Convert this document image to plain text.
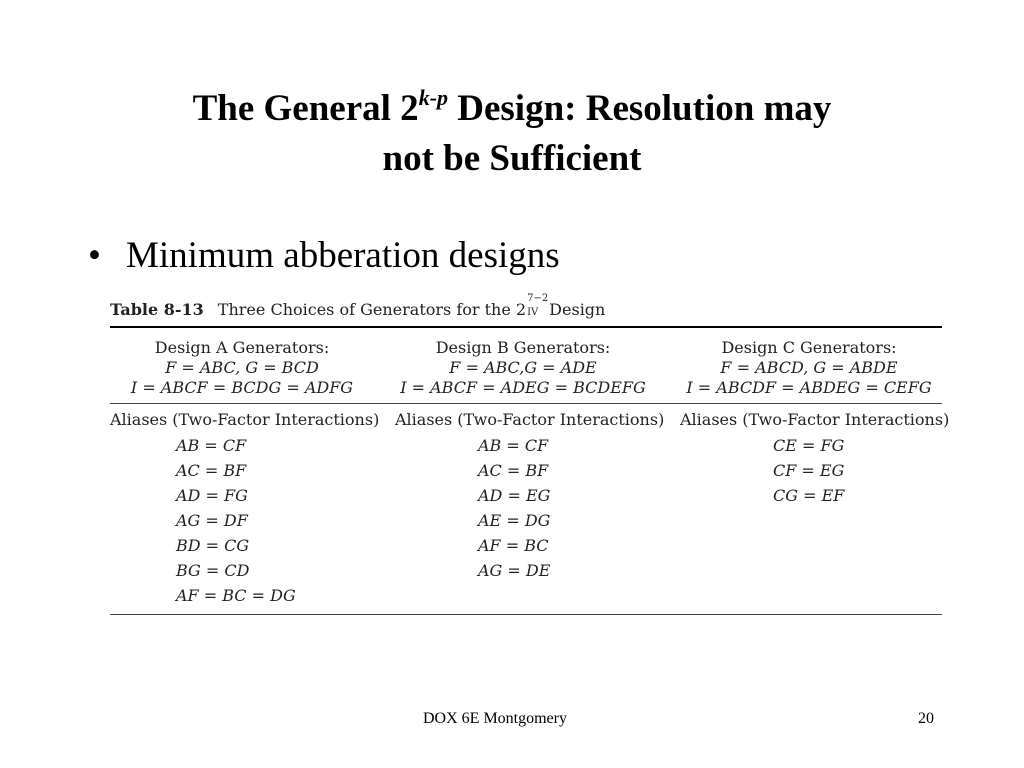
The General 2$^{k-p}$ Design: Resolution may
not be Sufficient
• Minimum abberation designs
Table 8-13 Three Choices of Generators for the 2
7−2
IV Design
Design A Generators:
F = ABC, G = BCD
I = ABCF = BCDG = ADFG
Aliases (Two-Factor Interactions)
AB = CF
AC = BF
AD = FG
AG = DF
BD = CG
BG = CD
AF = BC = DG
Design B Generators:
F = ABC,G = ADE
I = ABCF = ADEG = BCDEFG
Aliases (Two-Factor Interactions)
AB = CF
AC = BF
AD = EG
AE = DG
AF = BC
AG = DE
Design C Generators:
F = ABCD, G = ABDE
I = ABCDF = ABDEG = CEFG
Aliases (Two-Factor Interactions)
CE = FG
CF = EG
CG = EF
DOX 6E Montgomery	20
